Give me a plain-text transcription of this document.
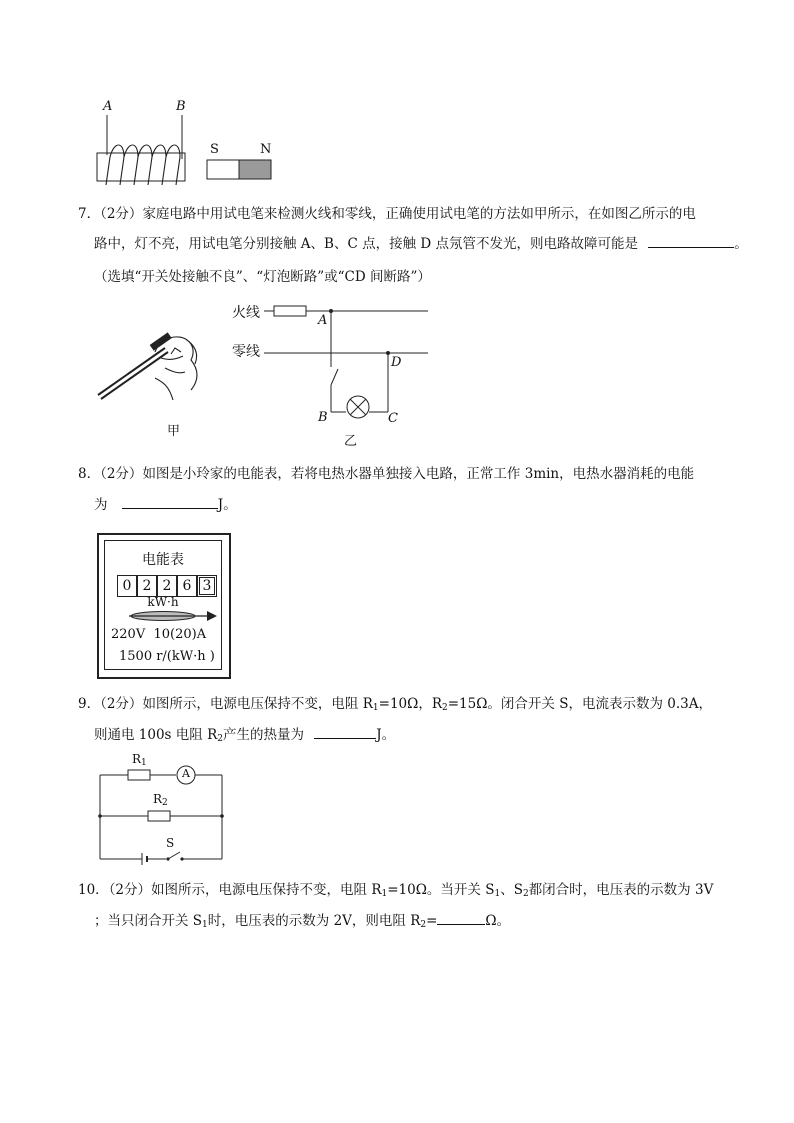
A	B
S	N
7．（2分）家庭电路中用试电笔来检测火线和零线，正确使用试电笔的方法如甲所示，在如图乙所示的电
路中，灯不亮，用试电笔分别接触 A、B、C 点，接触 D 点氖管不发光，则电路故障可能是	。
（选填“开关处接触不良”、“灯泡断路”或“CD 间断路”）
甲
火线
零线
A
D
B	C
乙
8．（2分）如图是小玲家的电能表，若将电热水器单独接入电路，正常工作 3min，电热水器消耗的电能
为	J。
电能表
0 2 2 6 3
kW·h
220V  10(20)A
1500 r/(kW·h )
9．（2分）如图所示，电源电压保持不变，电阻 $R_1=10\Omega$，$R_2=15\Omega$。闭合开关 S，电流表示数为 0.3A，
则通电 100s 电阻 $R_2$产生的热量为	J。
$R_1$
$R_2$
A
S
10．（2分）如图所示，电源电压保持不变，电阻 $R_1=10\Omega$。当开关 $S_1$、$S_2$都闭合时，电压表的示数为 3V
；当只闭合开关 $S_1$时，电压表的示数为 2V，则电阻 $R_2=$	Ω。
